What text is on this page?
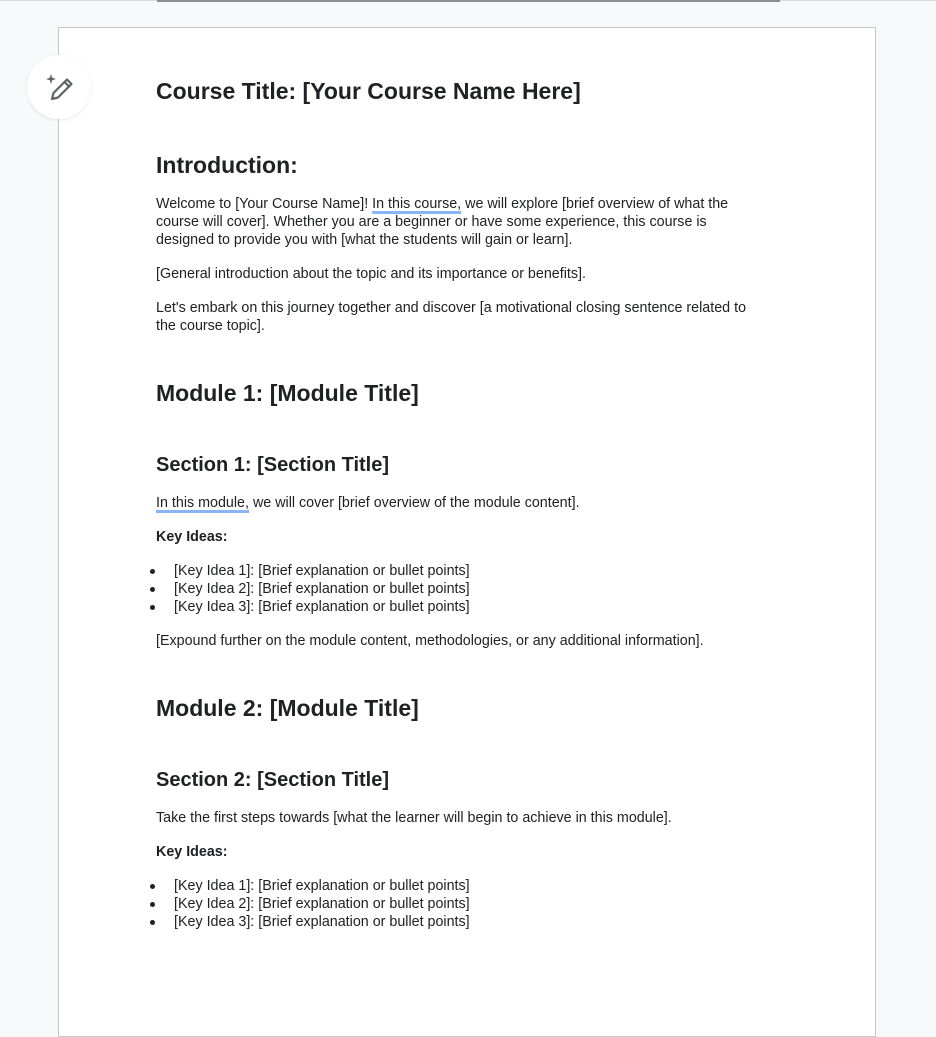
Course Title: [Your Course Name Here]
Introduction:

Welcome to [Your Course Name]! In this course, we will explore [brief overview of what the course will cover]. Whether you are a beginner or have some experience, this course is designed to provide you with [what the students will gain or learn].

[General introduction about the topic and its importance or benefits].

Let's embark on this journey together and discover [a motivational closing sentence related to the course topic].

Module 1: [Module Title]
Section 1: [Section Title]

In this module, we will cover [brief overview of the module content].

Key Ideas:

[Key Idea 1]: [Brief explanation or bullet points]
[Key Idea 2]: [Brief explanation or bullet points]
[Key Idea 3]: [Brief explanation or bullet points]

[Expound further on the module content, methodologies, or any additional information].

Module 2: [Module Title]
Section 2: [Section Title]

Take the first steps towards [what the learner will begin to achieve in this module].

Key Ideas:

[Key Idea 1]: [Brief explanation or bullet points]
[Key Idea 2]: [Brief explanation or bullet points]
[Key Idea 3]: [Brief explanation or bullet points]
